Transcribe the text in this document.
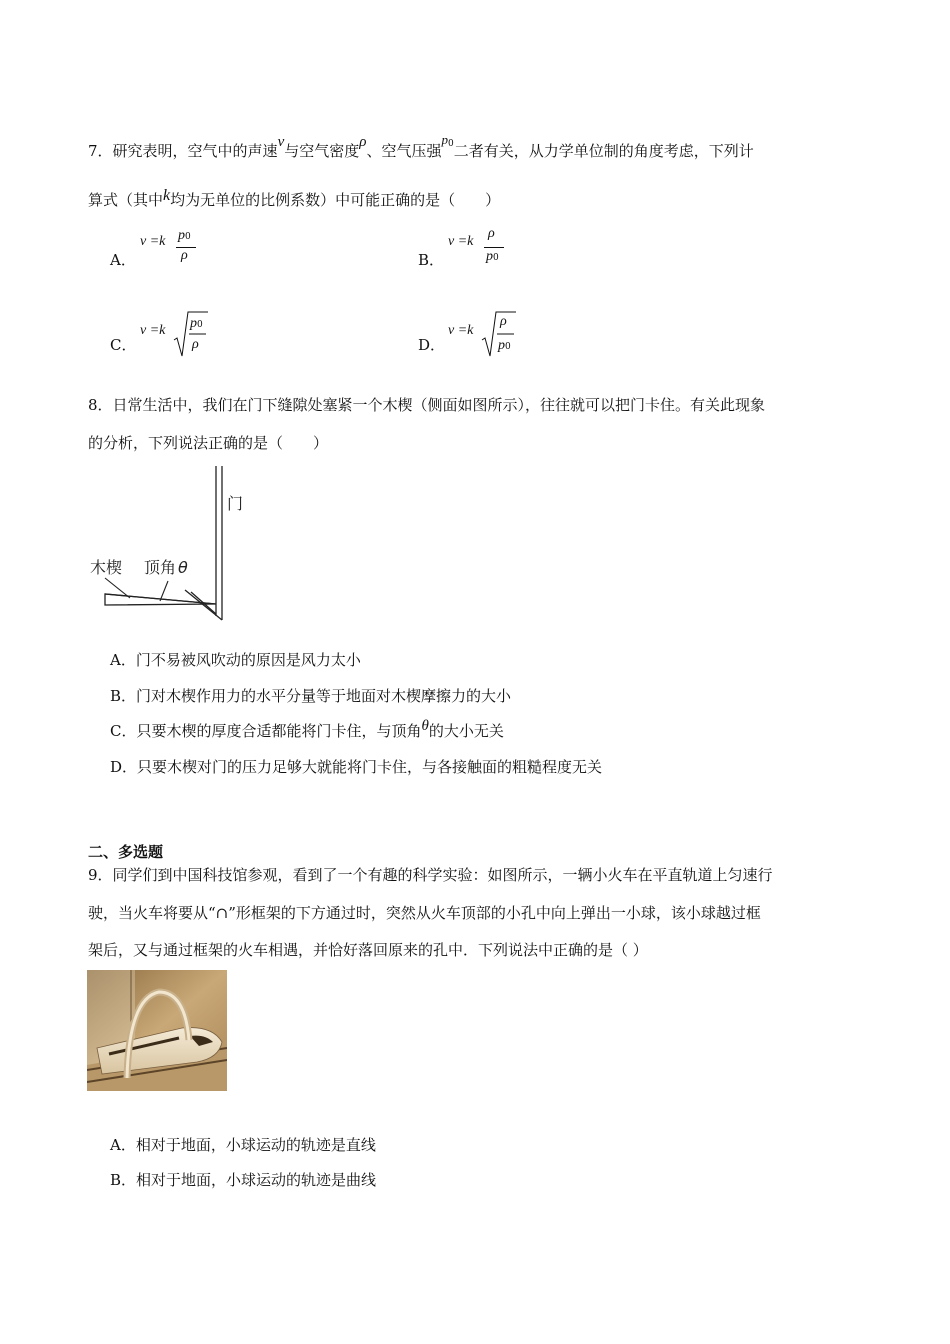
7．研究表明，空气中的声速v与空气密度ρ、空气压强p0二者有关，从力学单位制的角度考虑，下列计
算式（其中k均为无单位的比例系数）中可能正确的是（　　）
A．
v =k p0
ρ	B．
v =k
ρ
p0
C．
v =k p0
ρ	D．
v =k
ρ
p0
8．日常生活中，我们在门下缝隙处塞紧一个木楔（侧面如图所示），往往就可以把门卡住。有关此现象
的分析，下列说法正确的是（　　）
门
木楔 顶角 θ
A．门不易被风吹动的原因是风力太小
B．门对木楔作用力的水平分量等于地面对木楔摩擦力的大小
C．只要木楔的厚度合适都能将门卡住，与顶角θ的大小无关
D．只要木楔对门的压力足够大就能将门卡住，与各接触面的粗糙程度无关
二、多选题
9．同学们到中国科技馆参观，看到了一个有趣的科学实验：如图所示，一辆小火车在平直轨道上匀速行
驶，当火车将要从“∩”形框架的下方通过时，突然从火车顶部的小孔中向上弹出一小球，该小球越过框
架后，又与通过框架的火车相遇，并恰好落回原来的孔中．下列说法中正确的是（ ）
A．相对于地面，小球运动的轨迹是直线
B．相对于地面，小球运动的轨迹是曲线
